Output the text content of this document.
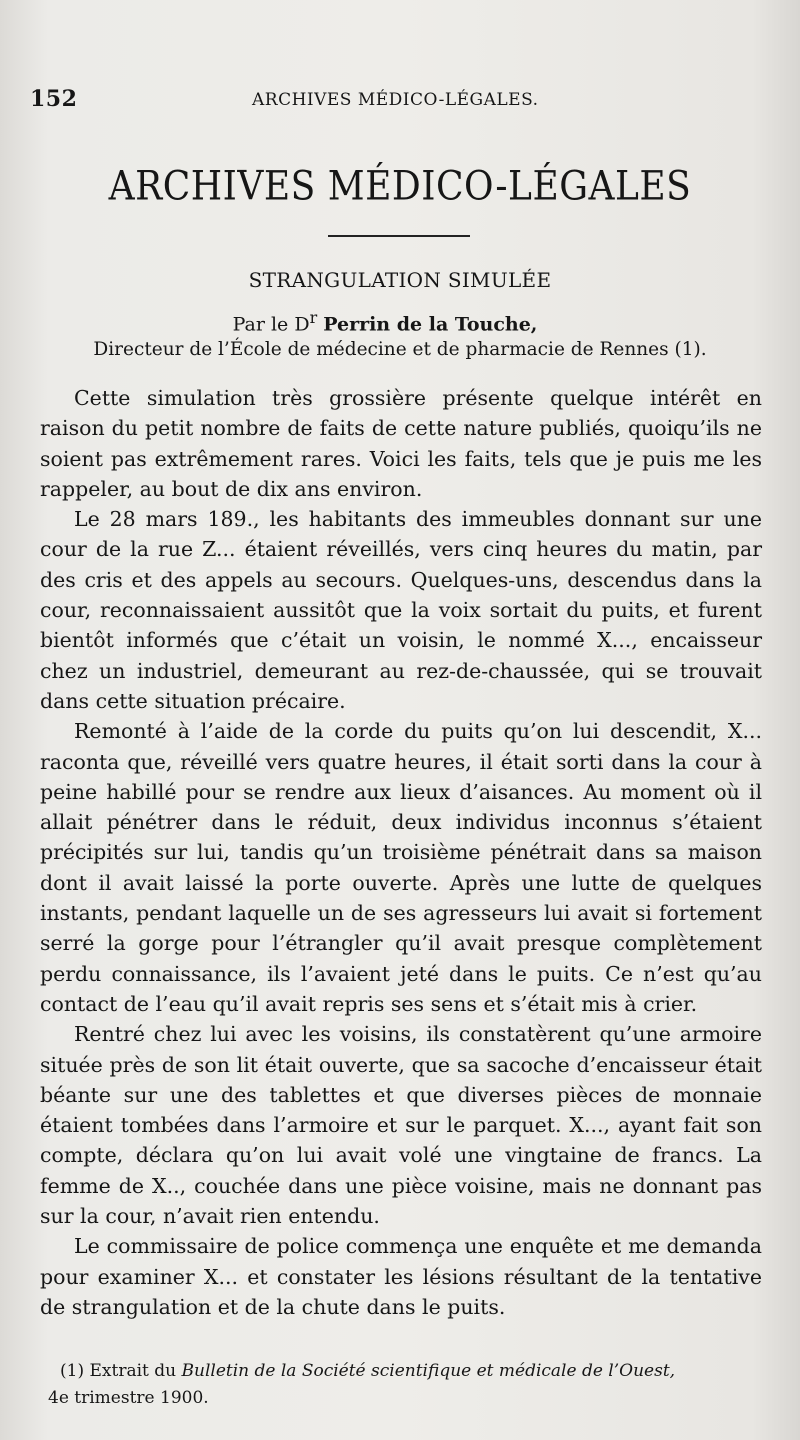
152	ARCHIVES MÉDICO-LÉGALES.
ARCHIVES MÉDICO-LÉGALES
STRANGULATION SIMULÉE
Par le $D^r$ Perrin de la Touche,
Directeur de l’École de médecine et de pharmacie de Rennes (1).

Cette simulation très grossière présente quelque intérêt en raison du petit nombre de faits de cette nature publiés, quoiqu’ils ne soient pas extrêmement rares. Voici les faits, tels que je puis me les rappeler, au bout de dix ans environ.

Le 28 mars 189., les habitants des immeubles donnant sur une cour de la rue Z... étaient réveillés, vers cinq heures du matin, par des cris et des appels au secours. Quelques-uns, descendus dans la cour, reconnaissaient aussitôt que la voix sortait du puits, et furent bientôt informés que c’était un voisin, le nommé X..., encaisseur chez un industriel, demeurant au rez-de-chaussée, qui se trouvait dans cette situation précaire.

Remonté à l’aide de la corde du puits qu’on lui descendit, X... raconta que, réveillé vers quatre heures, il était sorti dans la cour à peine habillé pour se rendre aux lieux d’aisances. Au moment où il allait pénétrer dans le réduit, deux individus inconnus s’étaient précipités sur lui, tandis qu’un troisième pénétrait dans sa maison dont il avait laissé la porte ouverte. Après une lutte de quelques instants, pendant laquelle un de ses agresseurs lui avait si fortement serré la gorge pour l’étrangler qu’il avait presque complètement perdu connaissance, ils l’avaient jeté dans le puits. Ce n’est qu’au contact de l’eau qu’il avait repris ses sens et s’était mis à crier.

Rentré chez lui avec les voisins, ils constatèrent qu’une armoire située près de son lit était ouverte, que sa sacoche d’encaisseur était béante sur une des tablettes et que diverses pièces de monnaie étaient tombées dans l’armoire et sur le parquet. X..., ayant fait son compte, déclara qu’on lui avait volé une vingtaine de francs. La femme de X.., couchée dans une pièce voisine, mais ne donnant pas sur la cour, n’avait rien entendu.

Le commissaire de police commença une enquête et me demanda pour examiner X... et constater les lésions résultant de la tentative de strangulation et de la chute dans le puits.

(1) Extrait du Bulletin de la Société scientifique et médicale de l’Ouest,
4e trimestre 1900.
